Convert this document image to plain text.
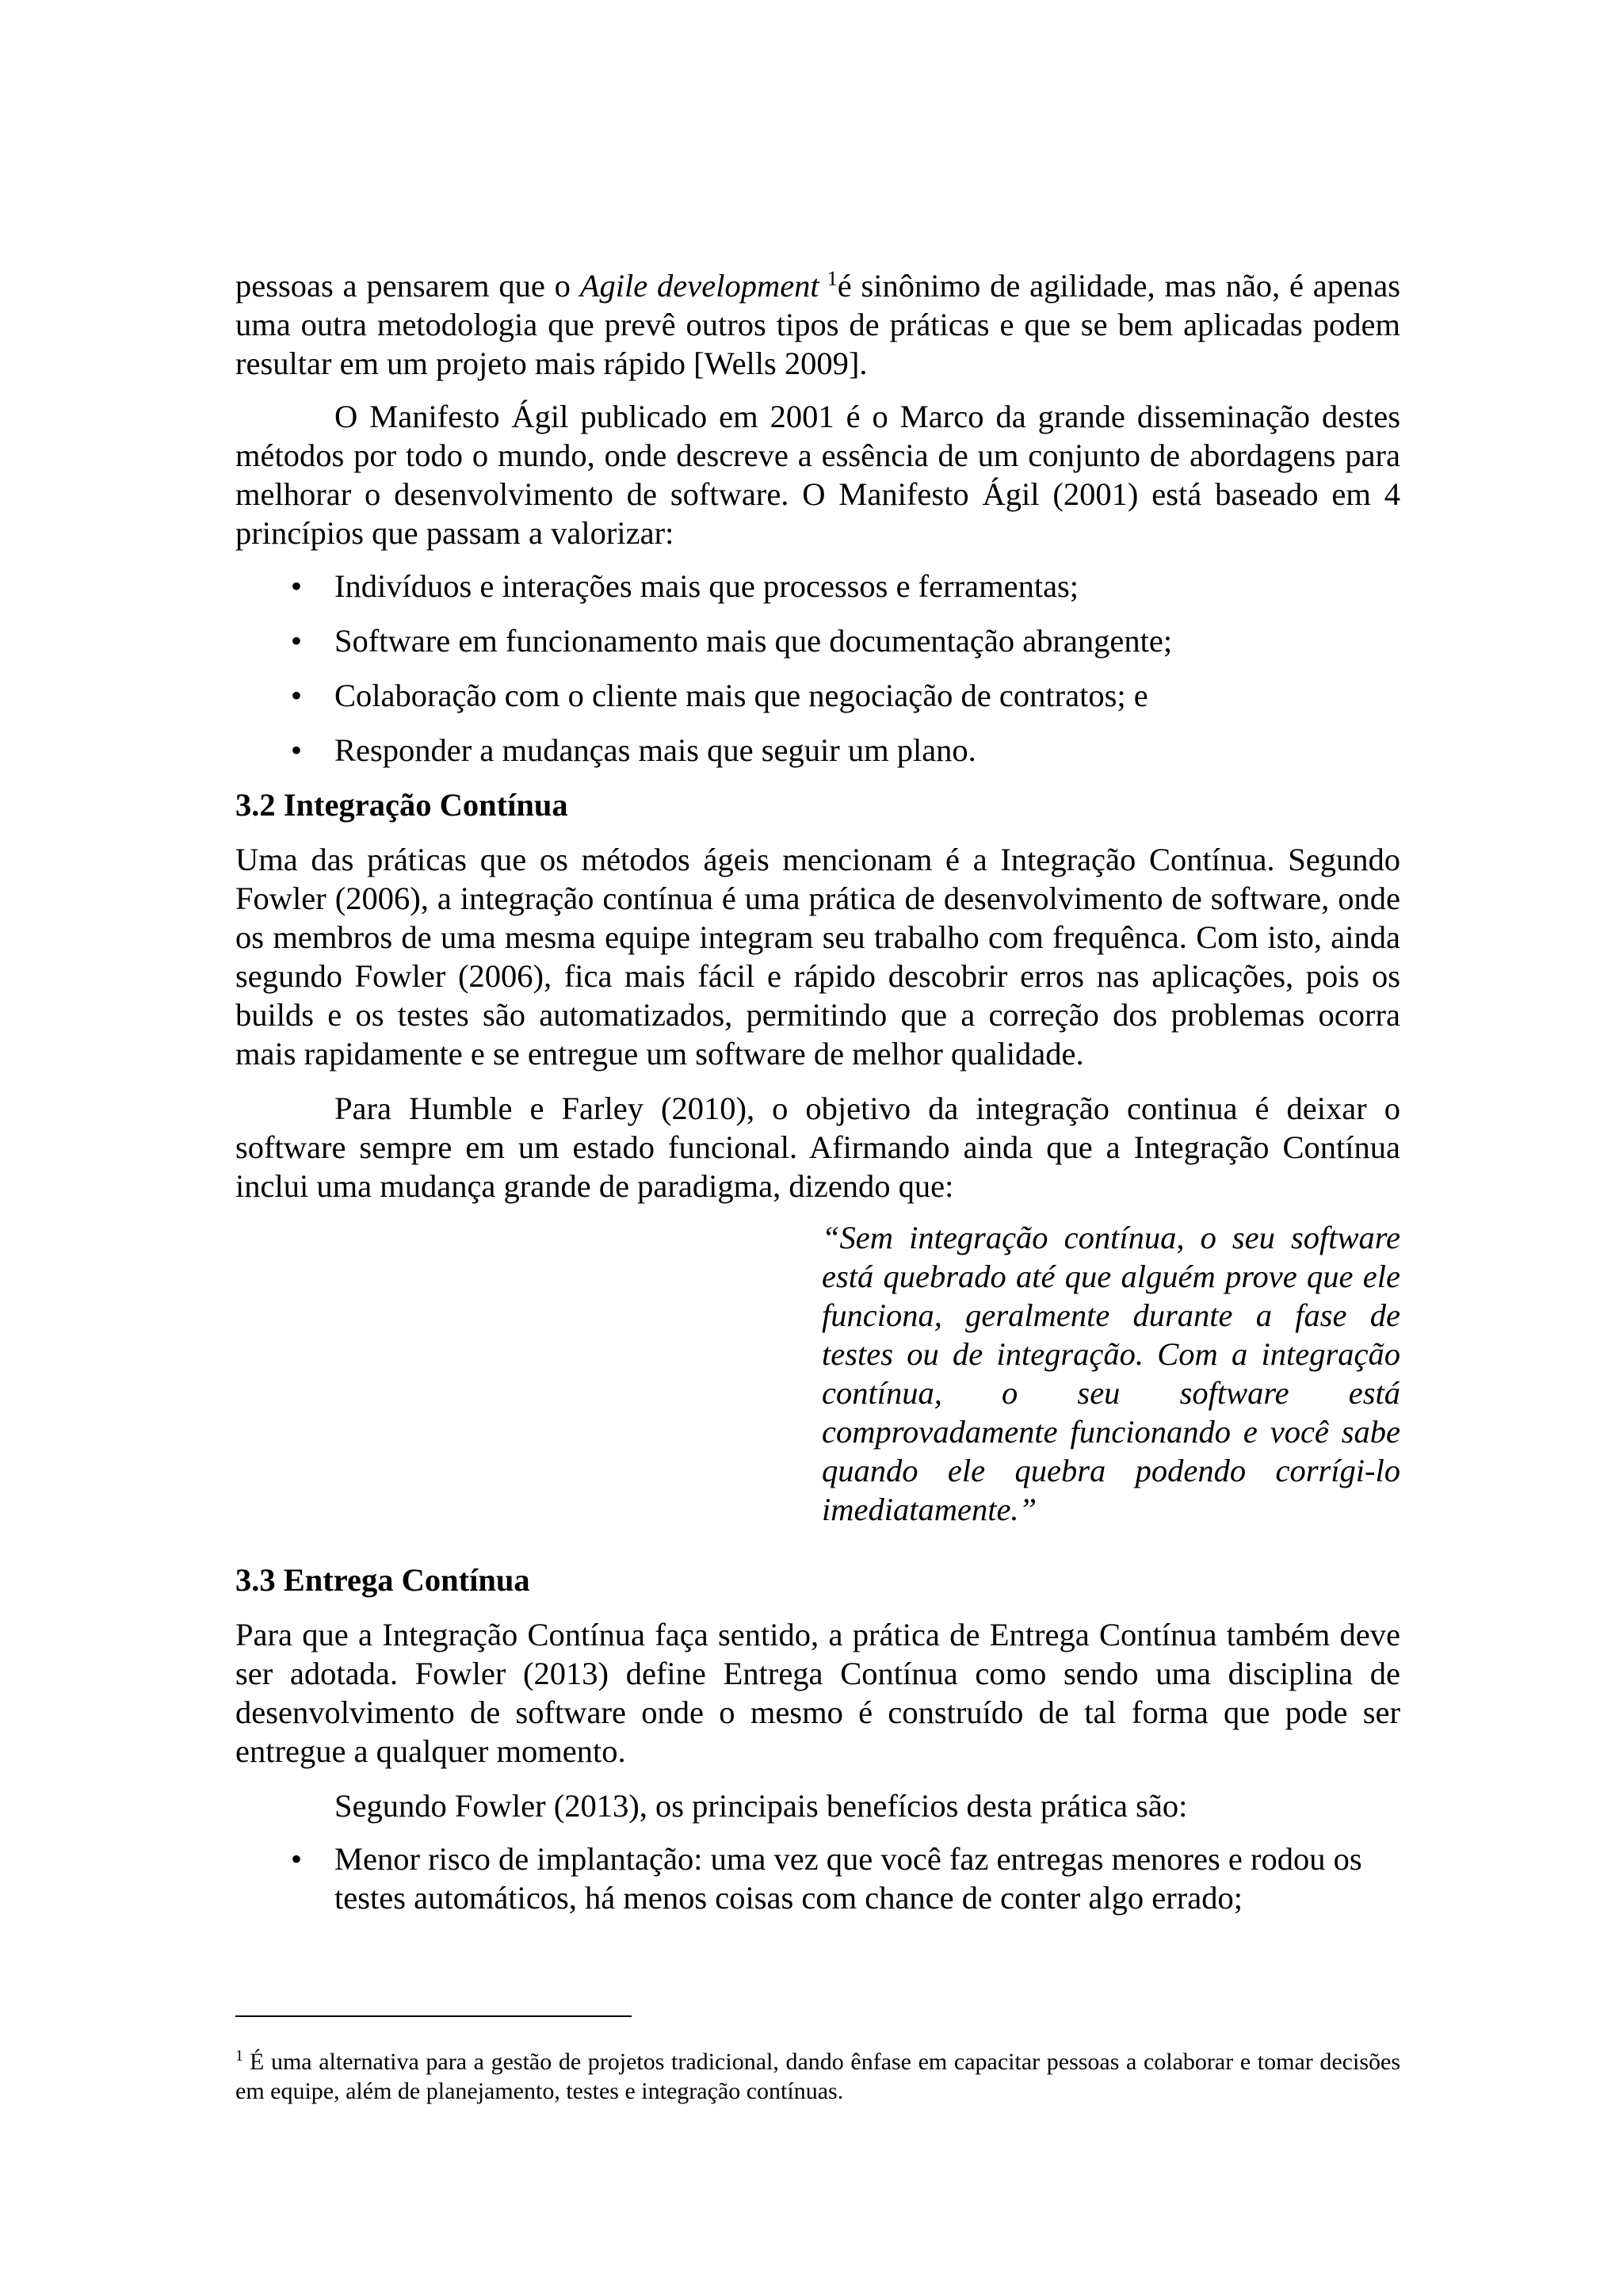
pessoas a pensarem que o Agile development $^1$é sinônimo de agilidade, mas não, é apenas uma outra metodologia que prevê outros tipos de práticas e que se bem aplicadas podem resultar em um projeto mais rápido [Wells 2009].

O Manifesto Ágil publicado em 2001 é o Marco da grande disseminação destes métodos por todo o mundo, onde descreve a essência de um conjunto de abordagens para melhorar o desenvolvimento de software. O Manifesto Ágil (2001) está baseado em 4 princípios que passam a valorizar:

• Indivíduos e interações mais que processos e ferramentas;
• Software em funcionamento mais que documentação abrangente;
• Colaboração com o cliente mais que negociação de contratos; e
• Responder a mudanças mais que seguir um plano.
3.2 Integração Contínua

Uma das práticas que os métodos ágeis mencionam é a Integração Contínua. Segundo Fowler (2006), a integração contínua é uma prática de desenvolvimento de software, onde os membros de uma mesma equipe integram seu trabalho com frequênca. Com isto, ainda segundo Fowler (2006), fica mais fácil e rápido descobrir erros nas aplicações, pois os builds e os testes são automatizados, permitindo que a correção dos problemas ocorra mais rapidamente e se entregue um software de melhor qualidade.

Para Humble e Farley (2010), o objetivo da integração continua é deixar o software sempre em um estado funcional. Afirmando ainda que a Integração Contínua inclui uma mudança grande de paradigma, dizendo que:

“Sem integração contínua, o seu software está quebrado até que alguém prove que ele funciona, geralmente durante a fase de testes ou de integração. Com a integração contínua, o seu software está comprovadamente funcionando e você sabe quando ele quebra podendo corrígi-lo imediatamente.”

3.3 Entrega Contínua

Para que a Integração Contínua faça sentido, a prática de Entrega Contínua também deve ser adotada. Fowler (2013) define Entrega Contínua como sendo uma disciplina de desenvolvimento de software onde o mesmo é construído de tal forma que pode ser entregue a qualquer momento.

Segundo Fowler (2013), os principais benefícios desta prática são:

• Menor risco de implantação: uma vez que você faz entregas menores e rodou os testes automáticos, há menos coisas com chance de conter algo errado;

$^1$ É uma alternativa para a gestão de projetos tradicional, dando ênfase em capacitar pessoas a colaborar e tomar decisões em equipe, além de planejamento, testes e integração contínuas.
